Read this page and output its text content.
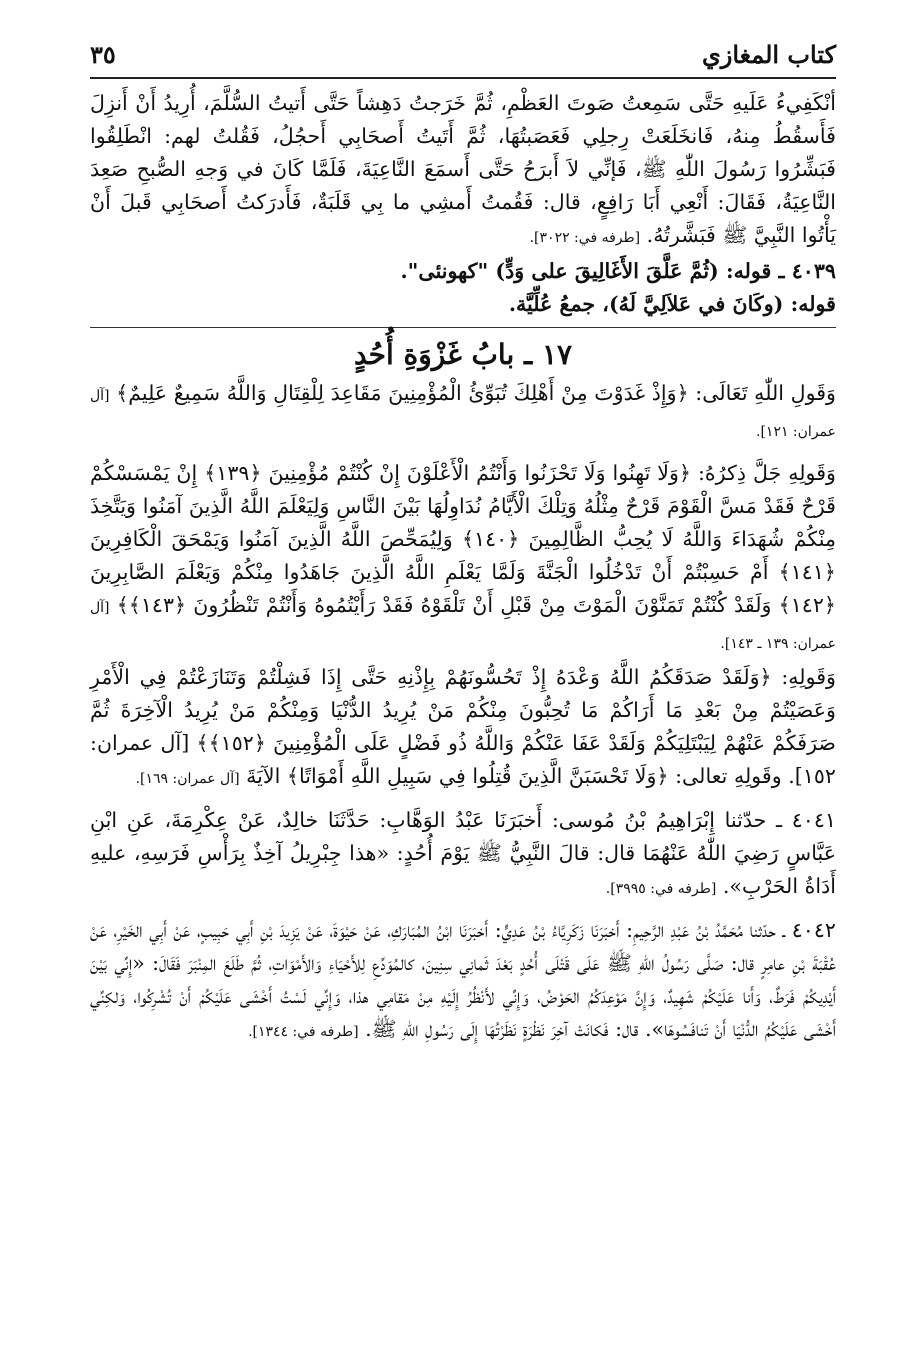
كتاب المغازي
٣٥

أنْكَفِيءُ عَلَيهِ حَتَّى سَمِعتُ صَوتَ العَظْمِ، ثُمَّ خَرَجتُ دَهِشاً حَتَّى أَتيتُ السُّلَّمَ، أُرِيدُ أَنْ أَنزِلَ فَأَسقُطُ مِنهُ، فَانخَلَعَتْ رِجلِي فَعَصَبتُهَا، ثُمَّ أَتَيتُ أَصحَابِي أَحجُلُ، فَقُلتُ لهم: انْطَلِقُوا فَبَشِّرُوا رَسُولَ اللّٰهِ ﷺ، فَإنِّي لاَ أَبرَحُ حَتَّى أَسمَعَ النَّاعِيَةَ، فَلَمَّا كَانَ في وَجهِ الصُّبحِ صَعِدَ النَّاعِيَةُ، فَقَالَ: أَنْعِي أَبَا رَافِعٍ، قال: فَقُمتُ أَمشِي ما بِي قَلَبَةٌ، فَأَدرَكتُ أَصحَابِي قَبلَ أَنْ يَأْتُوا النَّبِيَّ ﷺ فَبَشَّرتُهُ. [طرفه في: ٣٠٢٢].

٤٠٣٩ ـ قوله: (ثُمَّ عَلَّقَ الأَغَالِيقَ على وَدٍّ) "كهونئی".

قوله: (وكَانَ في عَلاَلِيَّ لَهُ)، جمعُ عُلِّيَّة.

١٧ ـ بابُ غَزْوَةِ أُحُدٍ

وَقَولِ اللّٰهِ تَعَالَى: ﴿وَإِذْ غَدَوْتَ مِنْ أَهْلِكَ تُبَوِّئُ الْمُؤْمِنِينَ مَقَاعِدَ لِلْقِتَالِ وَاللَّهُ سَمِيعٌ عَلِيمٌ﴾ [آل عمران: ١٢١].

وَقَولِهِ جَلَّ ذِكرُهُ: ﴿وَلَا تَهِنُوا وَلَا تَحْزَنُوا وَأَنْتُمُ الْأَعْلَوْنَ إِنْ كُنْتُمْ مُؤْمِنِينَ ﴿١٣٩﴾ إِنْ يَمْسَسْكُمْ قَرْحٌ فَقَدْ مَسَّ الْقَوْمَ قَرْحٌ مِثْلُهُ وَتِلْكَ الْأَيَّامُ نُدَاوِلُهَا بَيْنَ النَّاسِ وَلِيَعْلَمَ اللَّهُ الَّذِينَ آمَنُوا وَيَتَّخِذَ مِنْكُمْ شُهَدَاءَ وَاللَّهُ لَا يُحِبُّ الظَّالِمِينَ ﴿١٤٠﴾ وَلِيُمَحِّصَ اللَّهُ الَّذِينَ آمَنُوا وَيَمْحَقَ الْكَافِرِينَ ﴿١٤١﴾ أَمْ حَسِبْتُمْ أَنْ تَدْخُلُوا الْجَنَّةَ وَلَمَّا يَعْلَمِ اللَّهُ الَّذِينَ جَاهَدُوا مِنْكُمْ وَيَعْلَمَ الصَّابِرِينَ ﴿١٤٢﴾ وَلَقَدْ كُنْتُمْ تَمَنَّوْنَ الْمَوْتَ مِنْ قَبْلِ أَنْ تَلْقَوْهُ فَقَدْ رَأَيْتُمُوهُ وَأَنْتُمْ تَنْظُرُونَ ﴿١٤٣﴾﴾ [آل عمران: ١٣٩ ـ ١٤٣].

وَقَولِهِ: ﴿وَلَقَدْ صَدَقَكُمُ اللَّهُ وَعْدَهُ إِذْ تَحُسُّونَهُمْ بِإِذْنِهِ حَتَّى إِذَا فَشِلْتُمْ وَتَنَازَعْتُمْ فِي الْأَمْرِ وَعَصَيْتُمْ مِنْ بَعْدِ مَا أَرَاكُمْ مَا تُحِبُّونَ مِنْكُمْ مَنْ يُرِيدُ الدُّنْيَا وَمِنْكُمْ مَنْ يُرِيدُ الْآخِرَةَ ثُمَّ صَرَفَكُمْ عَنْهُمْ لِيَبْتَلِيَكُمْ وَلَقَدْ عَفَا عَنْكُمْ وَاللَّهُ ذُو فَضْلٍ عَلَى الْمُؤْمِنِينَ ﴿١٥٢﴾﴾ [آل عمران: ١٥٢]. وقَولِهِ تعالى: ﴿وَلَا تَحْسَبَنَّ الَّذِينَ قُتِلُوا فِي سَبِيلِ اللَّهِ أَمْوَاتًا﴾ الآيَةَ [آل عمران: ١٦٩].

٤٠٤١ ـ حدّثنا إِبْرَاهِيمُ بْنُ مُوسى: أَخبَرَنَا عَبْدُ الوَهَّابِ: حَدَّثَنَا خالِدٌ، عَنْ عِكْرِمَةَ، عَنِ ابْنِ عَبَّاسٍ رَضِيَ اللّٰهُ عَنْهُمَا قال: قالَ النَّبِيُّ ﷺ يَوْمَ أُحُدٍ: «هذا جِبْرِيلُ آخِذٌ بِرَأْسِ فَرَسِهِ، عليهِ أَدَاةُ الحَرْبِ». [طرفه في: ٣٩٩٥].

٤٠٤٢ ـ حدّثنا مُحَمَّدُ بْنُ عَبْدِ الرَّحِيمِ: أَخبَرَنَا زَكَرِيَّاءُ بْنُ عَدِيٍّ: أَخبَرَنَا ابْنُ المُبَارَكِ، عَنْ حَيْوَةَ، عَنْ يَزِيدَ بْنِ أَبِي حَبِيبٍ، عَنْ أَبِي الخَيْرِ، عَنْ عُقْبَةَ بْنِ عامِرٍ قال: صَلَّى رَسُولُ اللّٰهِ ﷺ عَلَى قَتْلَى أُحُدٍ بَعْدَ ثَمانِي سِنِينَ، كالمُوَدِّعِ لِلأَحْيَاءِ وَالأَمْوَاتِ، ثُمَّ طَلَعَ المِنْبَرَ فَقَالَ: «إِنِّي بَيْنَ أَيْدِيكُمْ فَرَطٌ، وَأَنا عَلَيْكُمْ شَهِيدٌ، وَإِنَّ مَوْعِدَكُمُ الحَوْضُ، وَإِنِّي لأَنْظُرُ إِلَيْهِ مِنْ مَقامِي هذا، وَإِنِّي لَسْتُ أَخْشَى عَلَيْكُمْ أَنْ تُشْرِكُوا، وَلكِنِّي أَخْشَى عَلَيْكُمُ الدُّنْيَا أَنْ تَنافَسُوهَا». قال: فَكانَتْ آخِرَ نَظْرَةٍ نَظَرْتُهَا إِلَى رَسُولِ اللّٰهِ ﷺ. [طرفه في: ١٣٤٤].
